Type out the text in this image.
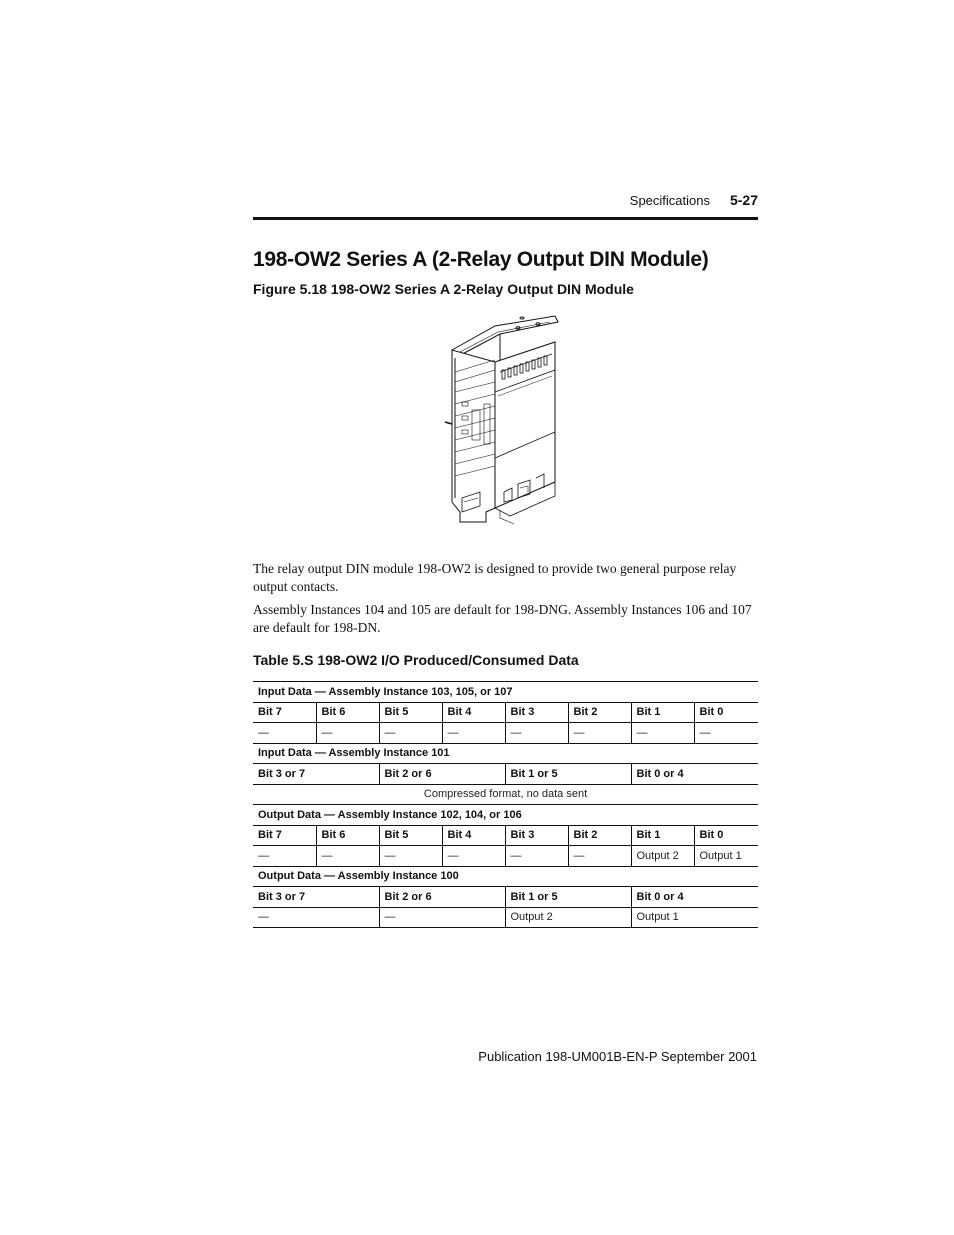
Specifications 5-27
198-OW2 Series A (2-Relay Output DIN Module)
Figure 5.18 198-OW2 Series A 2-Relay Output DIN Module

The relay output DIN module 198-OW2 is designed to provide two general purpose relay output contacts.

Assembly Instances 104 and 105 are default for 198-DNG. Assembly Instances 106 and 107 are default for 198-DN.

Table 5.S 198-OW2 I/O Produced/Consumed Data
Input Data — Assembly Instance 103, 105, or 107							
Bit 7	Bit 6	Bit 5	Bit 4	Bit 3	Bit 2	Bit 1	Bit 0
—	—	—	—	—	—	—	—
Input Data — Assembly Instance 101							
Bit 3 or 7		Bit 2 or 6		Bit 1 or 5		Bit 0 or 4	
Compressed format, no data sent							
Output Data — Assembly Instance 102, 104, or 106							
Bit 7	Bit 6	Bit 5	Bit 4	Bit 3	Bit 2	Bit 1	Bit 0
—	—	—	—	—	—	Output 2	Output 1
Output Data — Assembly Instance 100							
Bit 3 or 7		Bit 2 or 6		Bit 1 or 5		Bit 0 or 4	
—		—		Output 2		Output 1	
Publication 198-UM001B-EN-P September 2001
